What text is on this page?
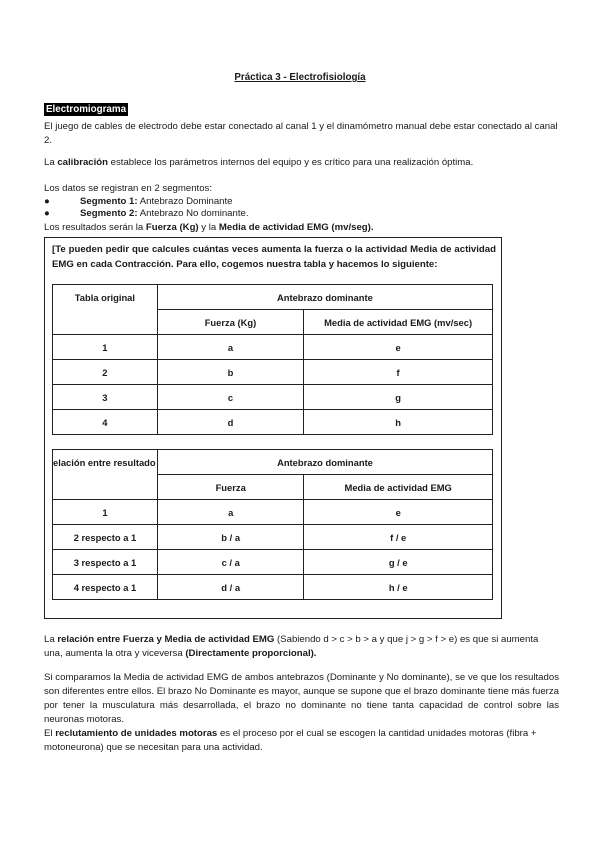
Práctica 3 - Electrofisiología
Electromiograma
El juego de cables de electrodo debe estar conectado al canal 1 y el dinamómetro manual debe estar conectado al canal 2.
La calibración establece los parámetros internos del equipo y es crítico para una realización óptima.
Los datos se registran en 2 segmentos:
●	Segmento 1: Antebrazo Dominante
●	Segmento 2: Antebrazo No dominante.
Los resultados serán la Fuerza (Kg) y la Media de actividad EMG (mv/seg).
[Te pueden pedir que calcules cuántas veces aumenta la fuerza o la actividad Media de actividad EMG en cada Contracción. Para ello, cogemos nuestra tabla y hacemos lo siguiente:
Tabla original	Antebrazo dominante	
	Fuerza (Kg)	Media de actividad EMG (mv/sec)
1	a	e
2	b	f
3	c	g
4	d	h
elación entre resultado	Antebrazo dominante	
	Fuerza	Media de actividad EMG
1	a	e
2 respecto a 1	b / a	f / e
3 respecto a 1	c / a	g / e
4 respecto a 1	d / a	h / e
La relación entre Fuerza y Media de actividad EMG (Sabiendo d > c > b > a y que j > g > f > e) es que si aumenta una, aumenta la otra y viceversa (Directamente proporcional).
Si comparamos la Media de actividad EMG de ambos antebrazos (Dominante y No dominante), se ve que los resultados son diferentes entre ellos. El brazo No Dominante es mayor, aunque se supone que el brazo dominante tiene más fuerza por tener la musculatura más desarrollada, el brazo no dominante no tiene tanta capacidad de control sobre las neuronas motoras.
El reclutamiento de unidades motoras es el proceso por el cual se escogen la cantidad unidades motoras (fibra + motoneurona) que se necesitan para una actividad.
